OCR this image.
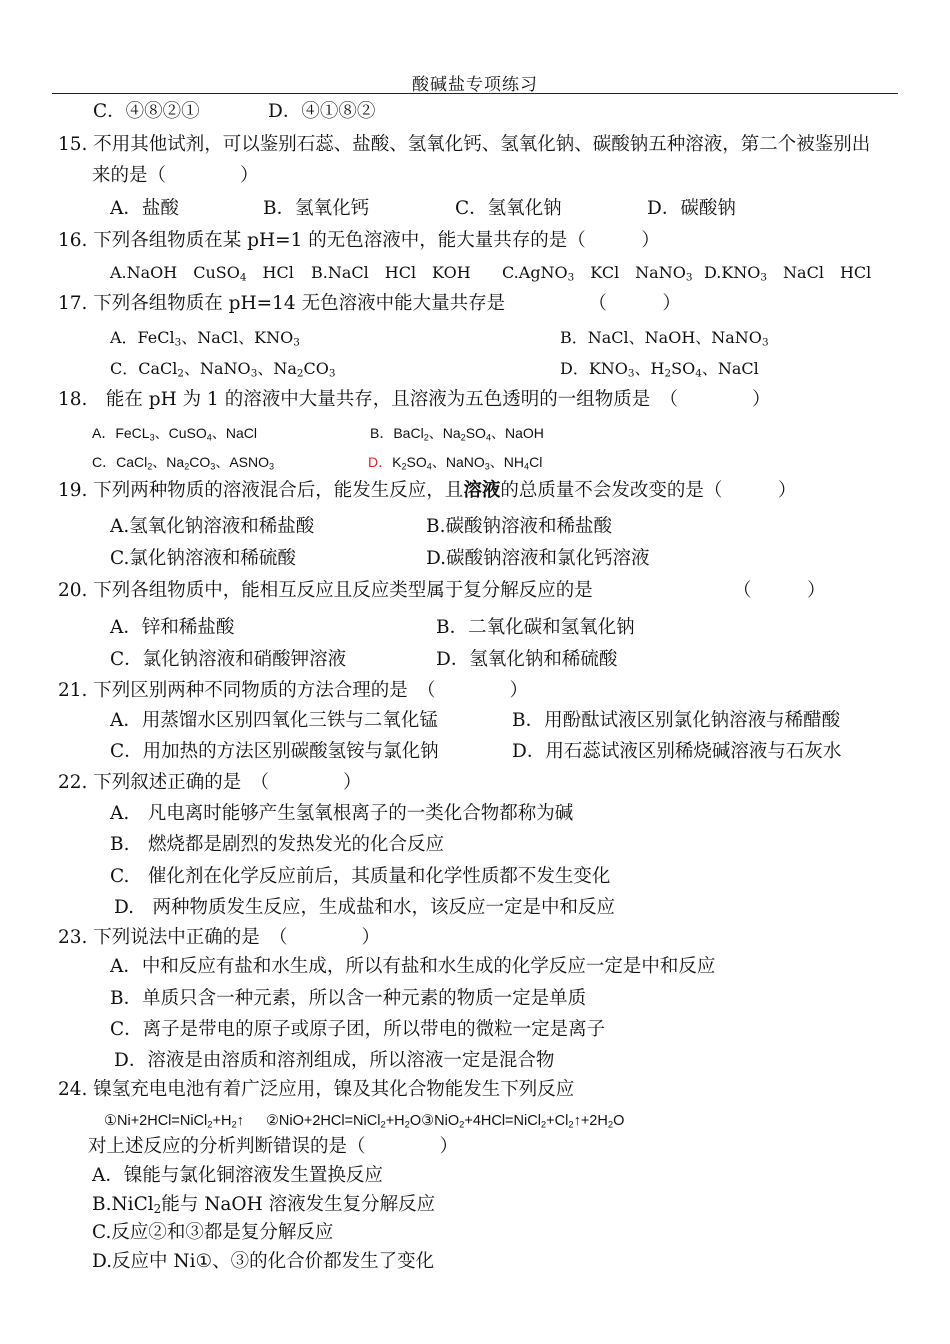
酸碱盐专项练习
C．④⑧②①	D．④①⑧②
15. 不用其他试剂，可以鉴别石蕊、盐酸、氢氧化钙、氢氧化钠、碳酸钠五种溶液，第二个被鉴别出
来的是（　　　　）
A．盐酸	B．氢氧化钙	C．氢氧化钠	D．碳酸钠
16. 下列各组物质在某 pH=1 的无色溶液中，能大量共存的是（　　　）
A.NaOH　CuSO$_4$　HCl B.NaCl　HCl　KOH C.AgNO$_3$　KCl　NaNO$_3$ $D.KNO_3$　NaCl　HCl
17. 下列各组物质在 pH=14 无色溶液中能大量共存是　　　　　（　　　）
A．FeCl$_3$、NaCl、$KNO_3$	B．NaCl、NaOH、NaNO$_3$
C．CaCl$_2$、NaNO$_3$、$Na_2CO_3$	D．$KNO_3$、$H_2SO_4$、NaCl
18.　能在 pH 为 1 的溶液中大量共存，且溶液为五色透明的一组物质是　（　　　　）
A．FeCL$_3$、CuSO$_4$、NaCl	B．BaCl$_2$、$Na_2SO_4$、NaOH
C．CaCl$_2$、$Na_2CO_3$、$ASNO_3$	D．$K_2SO_4$、NaNO$_3$、$NH_4Cl$
19. 下列两种物质的溶液混合后，能发生反应，且溶液的总质量不会发改变的是（　　　）
A.氢氧化钠溶液和稀盐酸	B.碳酸钠溶液和稀盐酸
C.氯化钠溶液和稀硫酸	D.碳酸钠溶液和氯化钙溶液
20. 下列各组物质中，能相互反应且反应类型属于复分解反应的是	（　　　）
A．锌和稀盐酸	B．二氧化碳和氢氧化钠
C．氯化钠溶液和硝酸钾溶液	D．氢氧化钠和稀硫酸
21. 下列区别两种不同物质的方法合理的是　（　　　　）
A．用蒸馏水区别四氧化三铁与二氧化锰	B．用酚酞试液区别氯化钠溶液与稀醋酸
C．用加热的方法区别碳酸氢铵与氯化钠	D．用石蕊试液区别稀烧碱溶液与石灰水
22. 下列叙述正确的是　（　　　　）
A.　凡电离时能够产生氢氧根离子的一类化合物都称为碱
B.　燃烧都是剧烈的发热发光的化合反应
C.　催化剂在化学反应前后，其质量和化学性质都不发生变化
D.　两种物质发生反应，生成盐和水，该反应一定是中和反应
23. 下列说法中正确的是　（　　　　）
A．中和反应有盐和水生成，所以有盐和水生成的化学反应一定是中和反应
B．单质只含一种元素，所以含一种元素的物质一定是单质
C．离子是带电的原子或原子团，所以带电的微粒一定是离子
D．溶液是由溶质和溶剂组成，所以溶液一定是混合物
24. 镍氢充电电池有着广泛应用，镍及其化合物能发生下列反应
$①Ni+2HCl=NiCl_2+H_2↑$ $②NiO+2HCl=NiCl_2+H_2O③NiO_2+4HCl=NiCl_2+Cl_2↑+2H_2O$
对上述反应的分析判断错误的是（　　　　）
A．镍能与氯化铜溶液发生置换反应
B.NiCl$_2$能与 NaOH 溶液发生复分解反应
C.反应②和③都是复分解反应
D.反应中 Ni①、③的化合价都发生了变化
